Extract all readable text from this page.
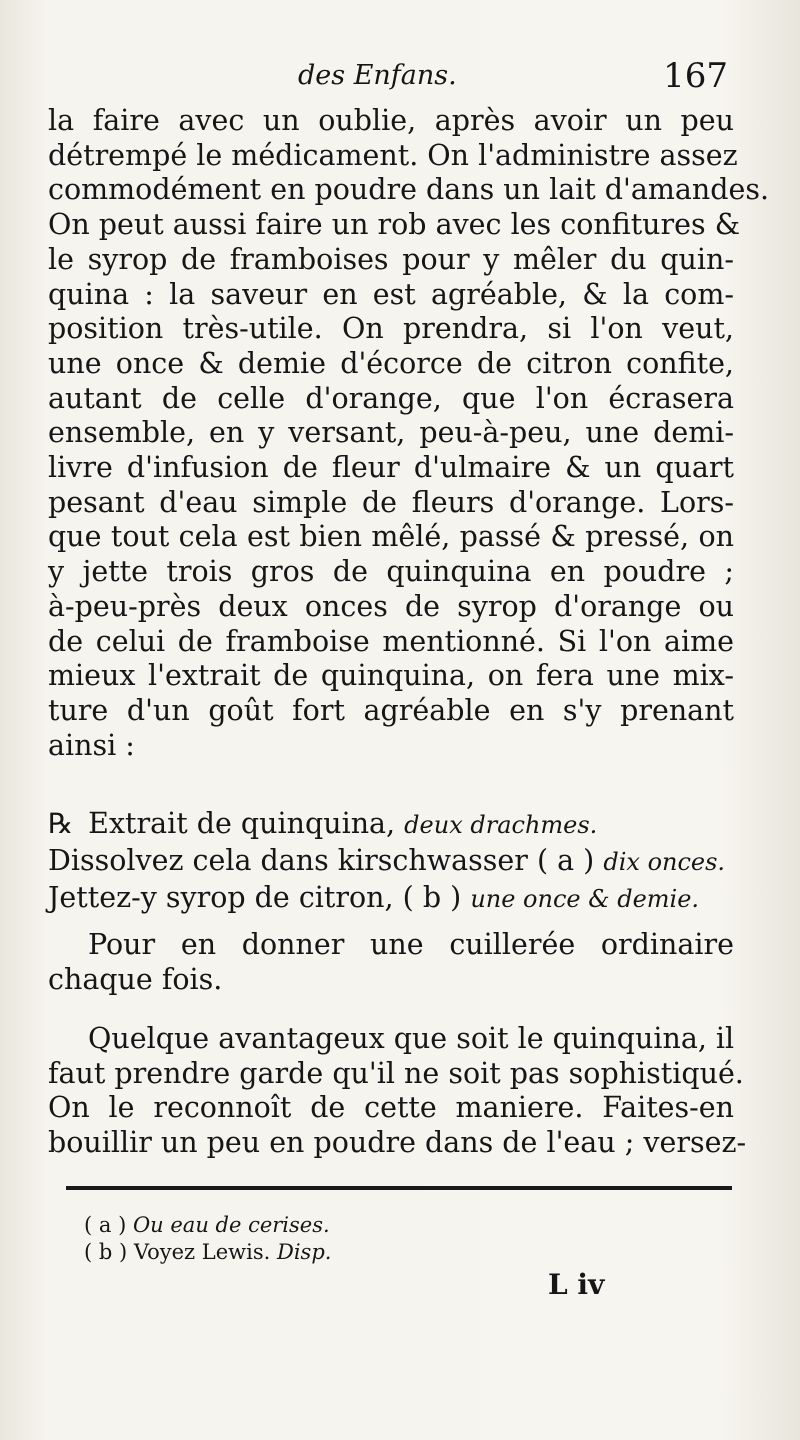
des Enfans.	167
la faire avec un oublie, après avoir un peu
détrempé le médicament. On l'administre assez
commodément en poudre dans un lait d'amandes.
On peut aussi faire un rob avec les confitures &
le syrop de framboises pour y mêler du quin-
quina : la saveur en est agréable, & la com-
position très-utile. On prendra, si l'on veut,
une once & demie d'écorce de citron confite,
autant de celle d'orange, que l'on écrasera
ensemble, en y versant, peu-à-peu, une demi-
livre d'infusion de fleur d'ulmaire & un quart
pesant d'eau simple de fleurs d'orange. Lors-
que tout cela est bien mêlé, passé & pressé, on
y jette trois gros de quinquina en poudre ;
à-peu-près deux onces de syrop d'orange ou
de celui de framboise mentionné. Si l'on aime
mieux l'extrait de quinquina, on fera une mix-
ture d'un goût fort agréable en s'y prenant
ainsi :
℞ Extrait de quinquina, deux drachmes.
Dissolvez cela dans kirschwasser ( a ) dix onces.
Jettez-y syrop de citron, ( b ) une once & demie.
Pour en donner une cuillerée ordinaire
chaque fois.
Quelque avantageux que soit le quinquina, il
faut prendre garde qu'il ne soit pas sophistiqué.
On le reconnoît de cette maniere. Faites-en
bouillir un peu en poudre dans de l'eau ; versez-
( a ) Ou eau de cerises.
( b ) Voyez Lewis. Disp.
L iv
